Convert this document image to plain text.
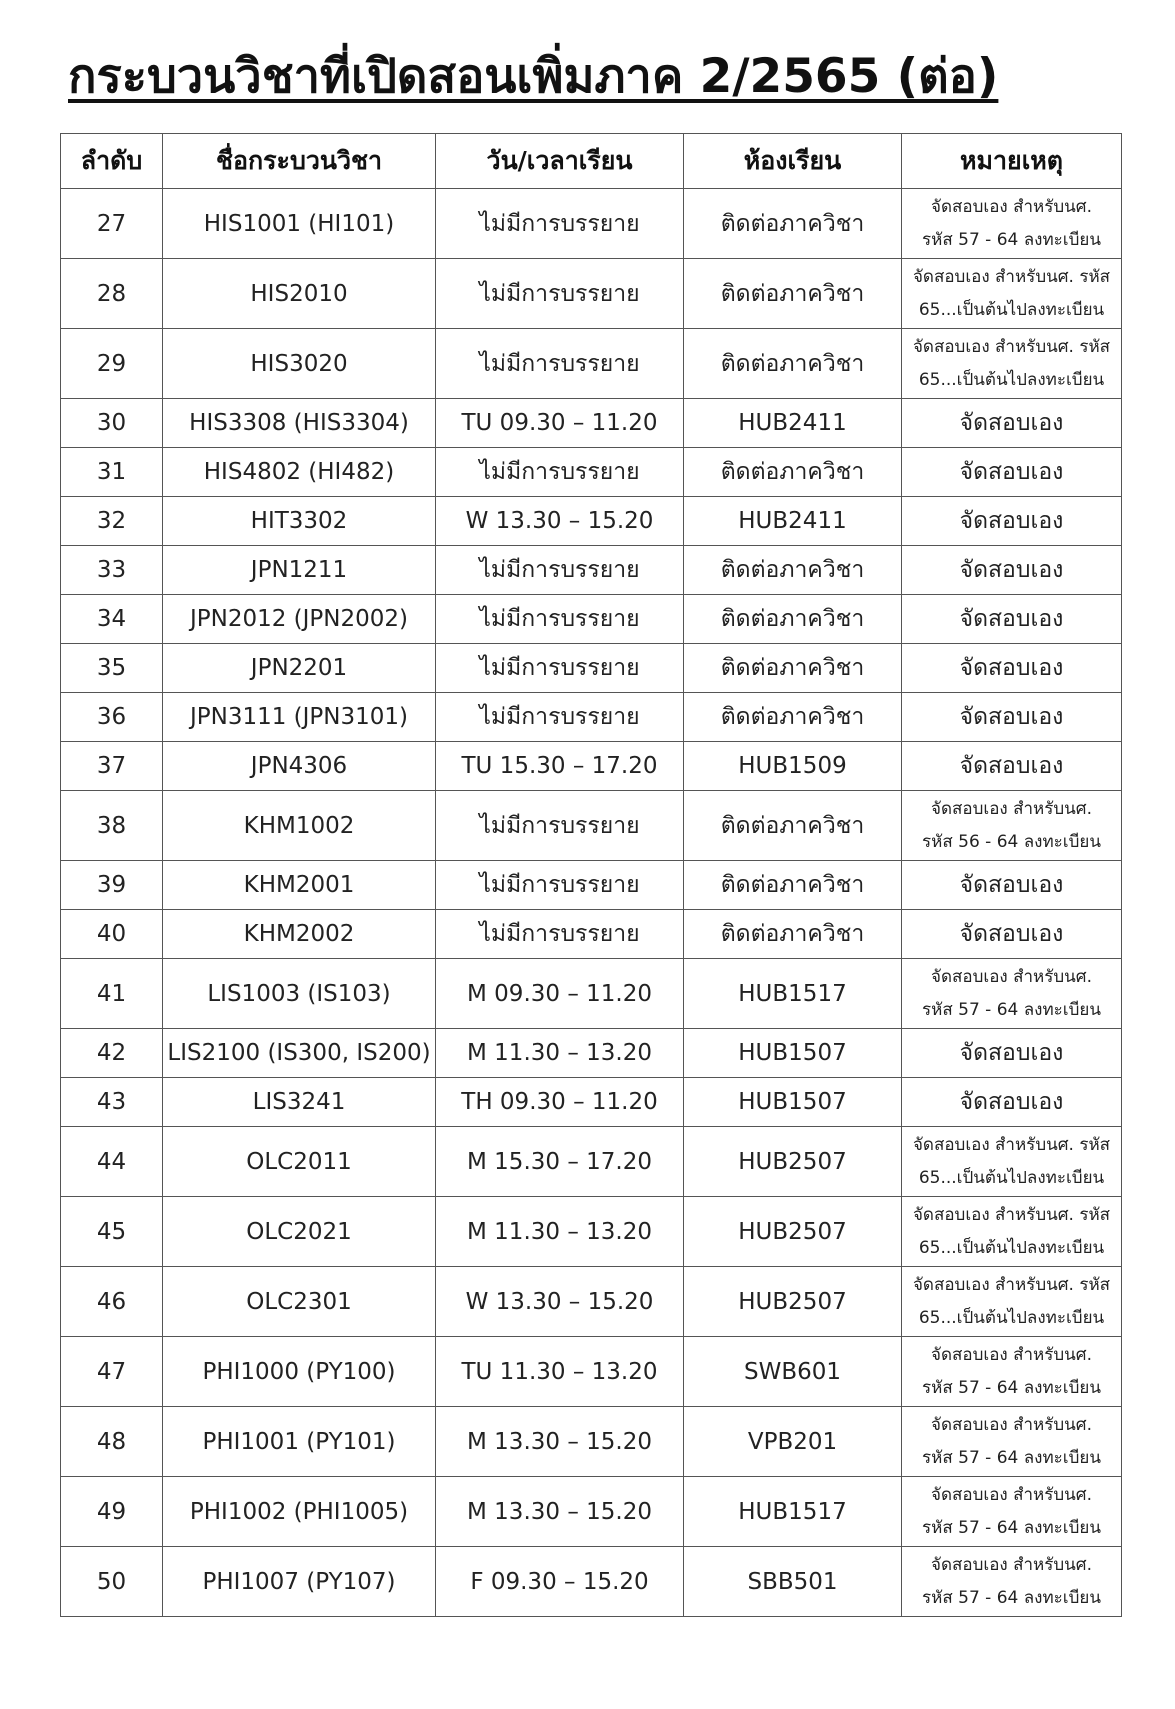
กระบวนวิชาที่เปิดสอนเพิ่มภาค 2/2565 (ต่อ)
ลำดับ	ชื่อกระบวนวิชา	วัน/เวลาเรียน	ห้องเรียน	หมายเหตุ
27	HIS1001 (HI101)	ไม่มีการบรรยาย	ติดต่อภาควิชา	จัดสอบเอง สำหรับนศ.
รหัส 57 - 64 ลงทะเบียน

28	HIS2010	ไม่มีการบรรยาย	ติดต่อภาควิชา	จัดสอบเอง สำหรับนศ. รหัส
65...เป็นต้นไปลงทะเบียน

29	HIS3020	ไม่มีการบรรยาย	ติดต่อภาควิชา	จัดสอบเอง สำหรับนศ. รหัส
65...เป็นต้นไปลงทะเบียน

30	HIS3308 (HIS3304)	TU 09.30 – 11.20	HUB2411	จัดสอบเอง
31	HIS4802 (HI482)	ไม่มีการบรรยาย	ติดต่อภาควิชา	จัดสอบเอง
32	HIT3302	W 13.30 – 15.20	HUB2411	จัดสอบเอง
33	JPN1211	ไม่มีการบรรยาย	ติดต่อภาควิชา	จัดสอบเอง
34	JPN2012 (JPN2002)	ไม่มีการบรรยาย	ติดต่อภาควิชา	จัดสอบเอง
35	JPN2201	ไม่มีการบรรยาย	ติดต่อภาควิชา	จัดสอบเอง
36	JPN3111 (JPN3101)	ไม่มีการบรรยาย	ติดต่อภาควิชา	จัดสอบเอง
37	JPN4306	TU 15.30 – 17.20	HUB1509	จัดสอบเอง
38	KHM1002	ไม่มีการบรรยาย	ติดต่อภาควิชา	จัดสอบเอง สำหรับนศ.
รหัส 56 - 64 ลงทะเบียน

39	KHM2001	ไม่มีการบรรยาย	ติดต่อภาควิชา	จัดสอบเอง
40	KHM2002	ไม่มีการบรรยาย	ติดต่อภาควิชา	จัดสอบเอง
41	LIS1003 (IS103)	M 09.30 – 11.20	HUB1517	จัดสอบเอง สำหรับนศ.
รหัส 57 - 64 ลงทะเบียน

42	LIS2100 (IS300, IS200)	M 11.30 – 13.20	HUB1507	จัดสอบเอง
43	LIS3241	TH 09.30 – 11.20	HUB1507	จัดสอบเอง
44	OLC2011	M 15.30 – 17.20	HUB2507	จัดสอบเอง สำหรับนศ. รหัส
65...เป็นต้นไปลงทะเบียน

45	OLC2021	M 11.30 – 13.20	HUB2507	จัดสอบเอง สำหรับนศ. รหัส
65...เป็นต้นไปลงทะเบียน

46	OLC2301	W 13.30 – 15.20	HUB2507	จัดสอบเอง สำหรับนศ. รหัส
65...เป็นต้นไปลงทะเบียน

47	PHI1000 (PY100)	TU 11.30 – 13.20	SWB601	จัดสอบเอง สำหรับนศ.
รหัส 57 - 64 ลงทะเบียน

48	PHI1001 (PY101)	M 13.30 – 15.20	VPB201	จัดสอบเอง สำหรับนศ.
รหัส 57 - 64 ลงทะเบียน

49	PHI1002 (PHI1005)	M 13.30 – 15.20	HUB1517	จัดสอบเอง สำหรับนศ.
รหัส 57 - 64 ลงทะเบียน

50	PHI1007 (PY107)	F 09.30 – 15.20	SBB501	จัดสอบเอง สำหรับนศ.
รหัส 57 - 64 ลงทะเบียน
